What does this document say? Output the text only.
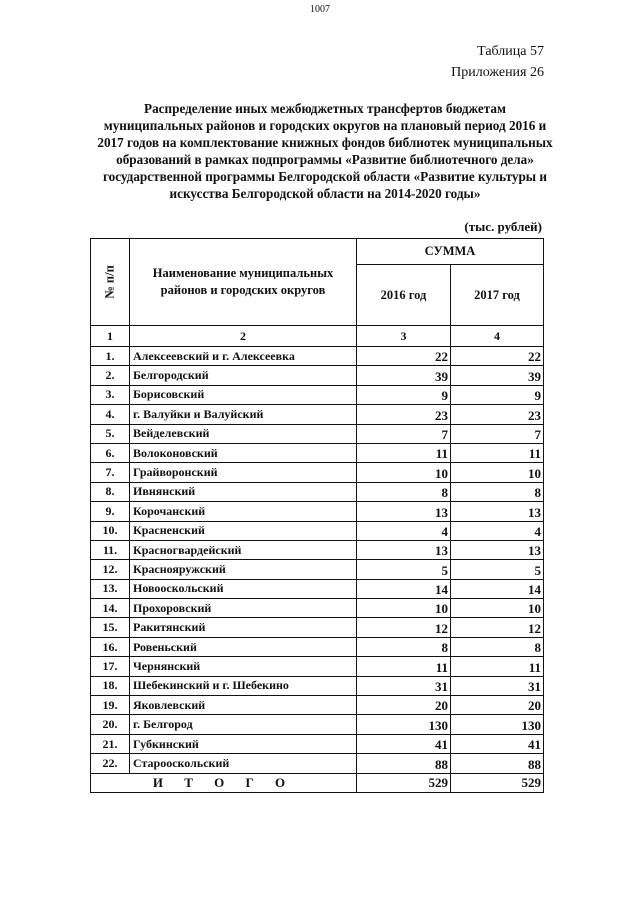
1007
Таблица 57
Приложения 26
Распределение иных межбюджетных трансфертов бюджетам
муниципальных районов и городских округов на плановый период 2016 и
2017 годов на комплектование книжных фондов библиотек муниципальных
образований в рамках подпрограммы «Развитие библиотечного дела»
государственной программы Белгородской области «Развитие культуры и
искусства Белгородской области на 2014-2020 годы»
(тыс. рублей)
№ п/п	Наименование муниципальных районов и городских округов	СУММА	
		2016 год	2017 год
1	2	3	4
1.	Алексеевский и г. Алексеевка	22	22
2.	Белгородский	39	39
3.	Борисовский	9	9
4.	г. Валуйки и Валуйский	23	23
5.	Вейделевский	7	7
6.	Волоконовский	11	11
7.	Грайворонский	10	10
8.	Ивнянский	8	8
9.	Корочанский	13	13
10.	Красненский	4	4
11.	Красногвардейский	13	13
12.	Краснояружский	5	5
13.	Новооскольский	14	14
14.	Прохоровский	10	10
15.	Ракитянский	12	12
16.	Ровеньский	8	8
17.	Чернянский	11	11
18.	Шебекинский и г. Шебекино	31	31
19.	Яковлевский	20	20
20.	г. Белгород	130	130
21.	Губкинский	41	41
22.	Старооскольский	88	88
И Т О Г О		529	529
